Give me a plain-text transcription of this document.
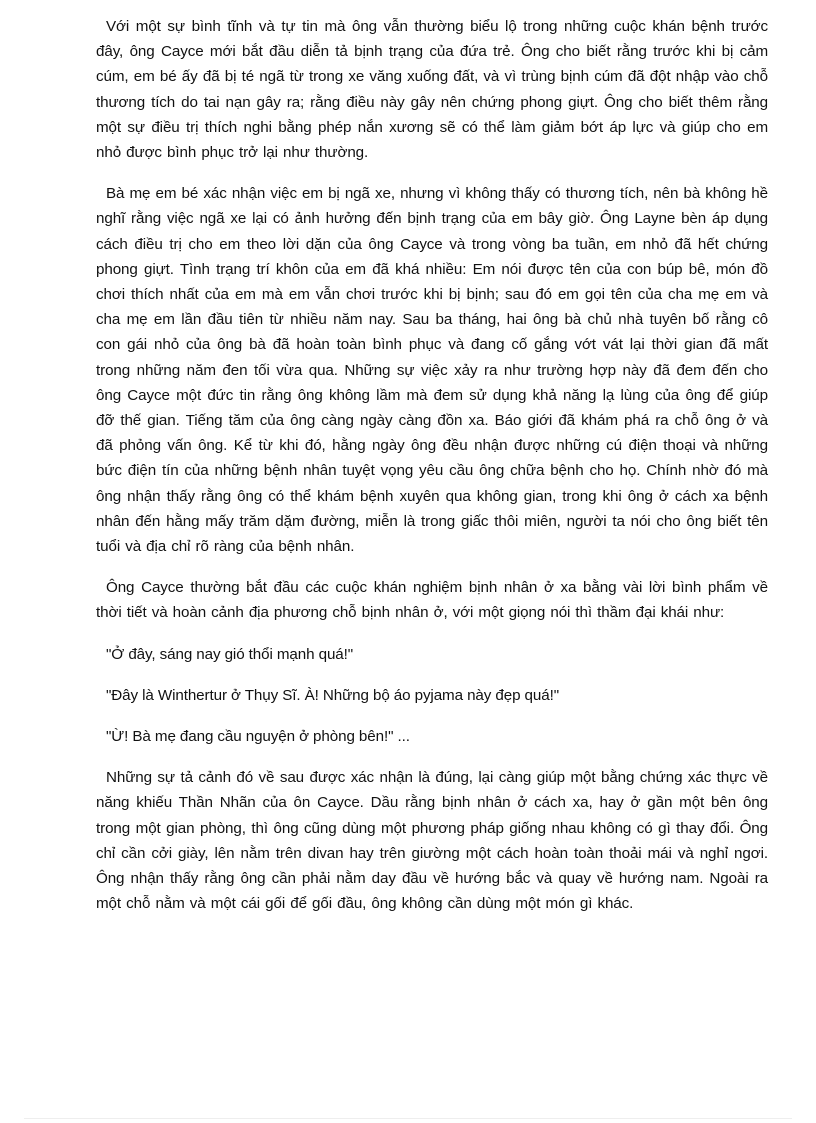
Với một sự bình tĩnh và tự tin mà ông vẫn thường biểu lộ trong những cuộc khán bệnh trước đây, ông Cayce mới bắt đầu diễn tả bịnh trạng của đứa trẻ. Ông cho biết rằng trước khi bị cảm cúm, em bé ấy đã bị té ngã từ trong xe văng xuống đất, và vì trùng bịnh cúm đã đột nhập vào chỗ thương tích do tai nạn gây ra; rằng điều này gây nên chứng phong giựt. Ông cho biết thêm rằng một sự điều trị thích nghi bằng phép nắn xương sẽ có thể làm giảm bớt áp lực và giúp cho em nhỏ được bình phục trở lại như thường.

Bà mẹ em bé xác nhận việc em bị ngã xe, nhưng vì không thấy có thương tích, nên bà không hề nghĩ rằng việc ngã xe lại có ảnh hưởng đến bịnh trạng của em bây giờ. Ông Layne bèn áp dụng cách điều trị cho em theo lời dặn của ông Cayce và trong vòng ba tuần, em nhỏ đã hết chứng phong giựt. Tình trạng trí khôn của em đã khá nhiều: Em nói được tên của con búp bê, món đồ chơi thích nhất của em mà em vẫn chơi trước khi bị bịnh; sau đó em gọi tên của cha mẹ em và cha mẹ em lần đầu tiên từ nhiều năm nay. Sau ba tháng, hai ông bà chủ nhà tuyên bố rằng cô con gái nhỏ của ông bà đã hoàn toàn bình phục và đang cố gắng vớt vát lại thời gian đã mất trong những năm đen tối vừa qua. Những sự việc xảy ra như trường hợp này đã đem đến cho ông Cayce một đức tin rằng ông không lầm mà đem sử dụng khả năng lạ lùng của ông để giúp đỡ thế gian. Tiếng tăm của ông càng ngày càng đồn xa. Báo giới đã khám phá ra chỗ ông ở và đã phỏng vấn ông. Kể từ khi đó, hằng ngày ông đều nhận được những cú điện thoại và những bức điện tín của những bệnh nhân tuyệt vọng yêu cầu ông chữa bệnh cho họ. Chính nhờ đó mà ông nhận thấy rằng ông có thể khám bệnh xuyên qua không gian, trong khi ông ở cách xa bệnh nhân đến hằng mấy trăm dặm đường, miễn là trong giấc thôi miên, người ta nói cho ông biết tên tuổi và địa chỉ rõ ràng của bệnh nhân.

Ông Cayce thường bắt đầu các cuộc khán nghiệm bịnh nhân ở xa bằng vài lời bình phẩm về thời tiết và hoàn cảnh địa phương chỗ bịnh nhân ở, với một giọng nói thì thầm đại khái như:

"Ở đây, sáng nay gió thổi mạnh quá!"

"Đây là Winthertur ở Thụy Sĩ. À! Những bộ áo pyjama này đẹp quá!"

"Ừ! Bà mẹ đang cầu nguyện ở phòng bên!" ...

Những sự tả cảnh đó về sau được xác nhận là đúng, lại càng giúp một bằng chứng xác thực về năng khiếu Thần Nhãn của ôn Cayce. Dầu rằng bịnh nhân ở cách xa, hay ở gần một bên ông trong một gian phòng, thì ông cũng dùng một phương pháp giống nhau không có gì thay đổi. Ông chỉ cần cởi giày, lên nằm trên divan hay trên giường một cách hoàn toàn thoải mái và nghỉ ngơi. Ông nhận thấy rằng ông cần phải nằm day đầu về hướng bắc và quay về hướng nam. Ngoài ra một chỗ nằm và một cái gối để gối đầu, ông không cần dùng một món gì khác.
